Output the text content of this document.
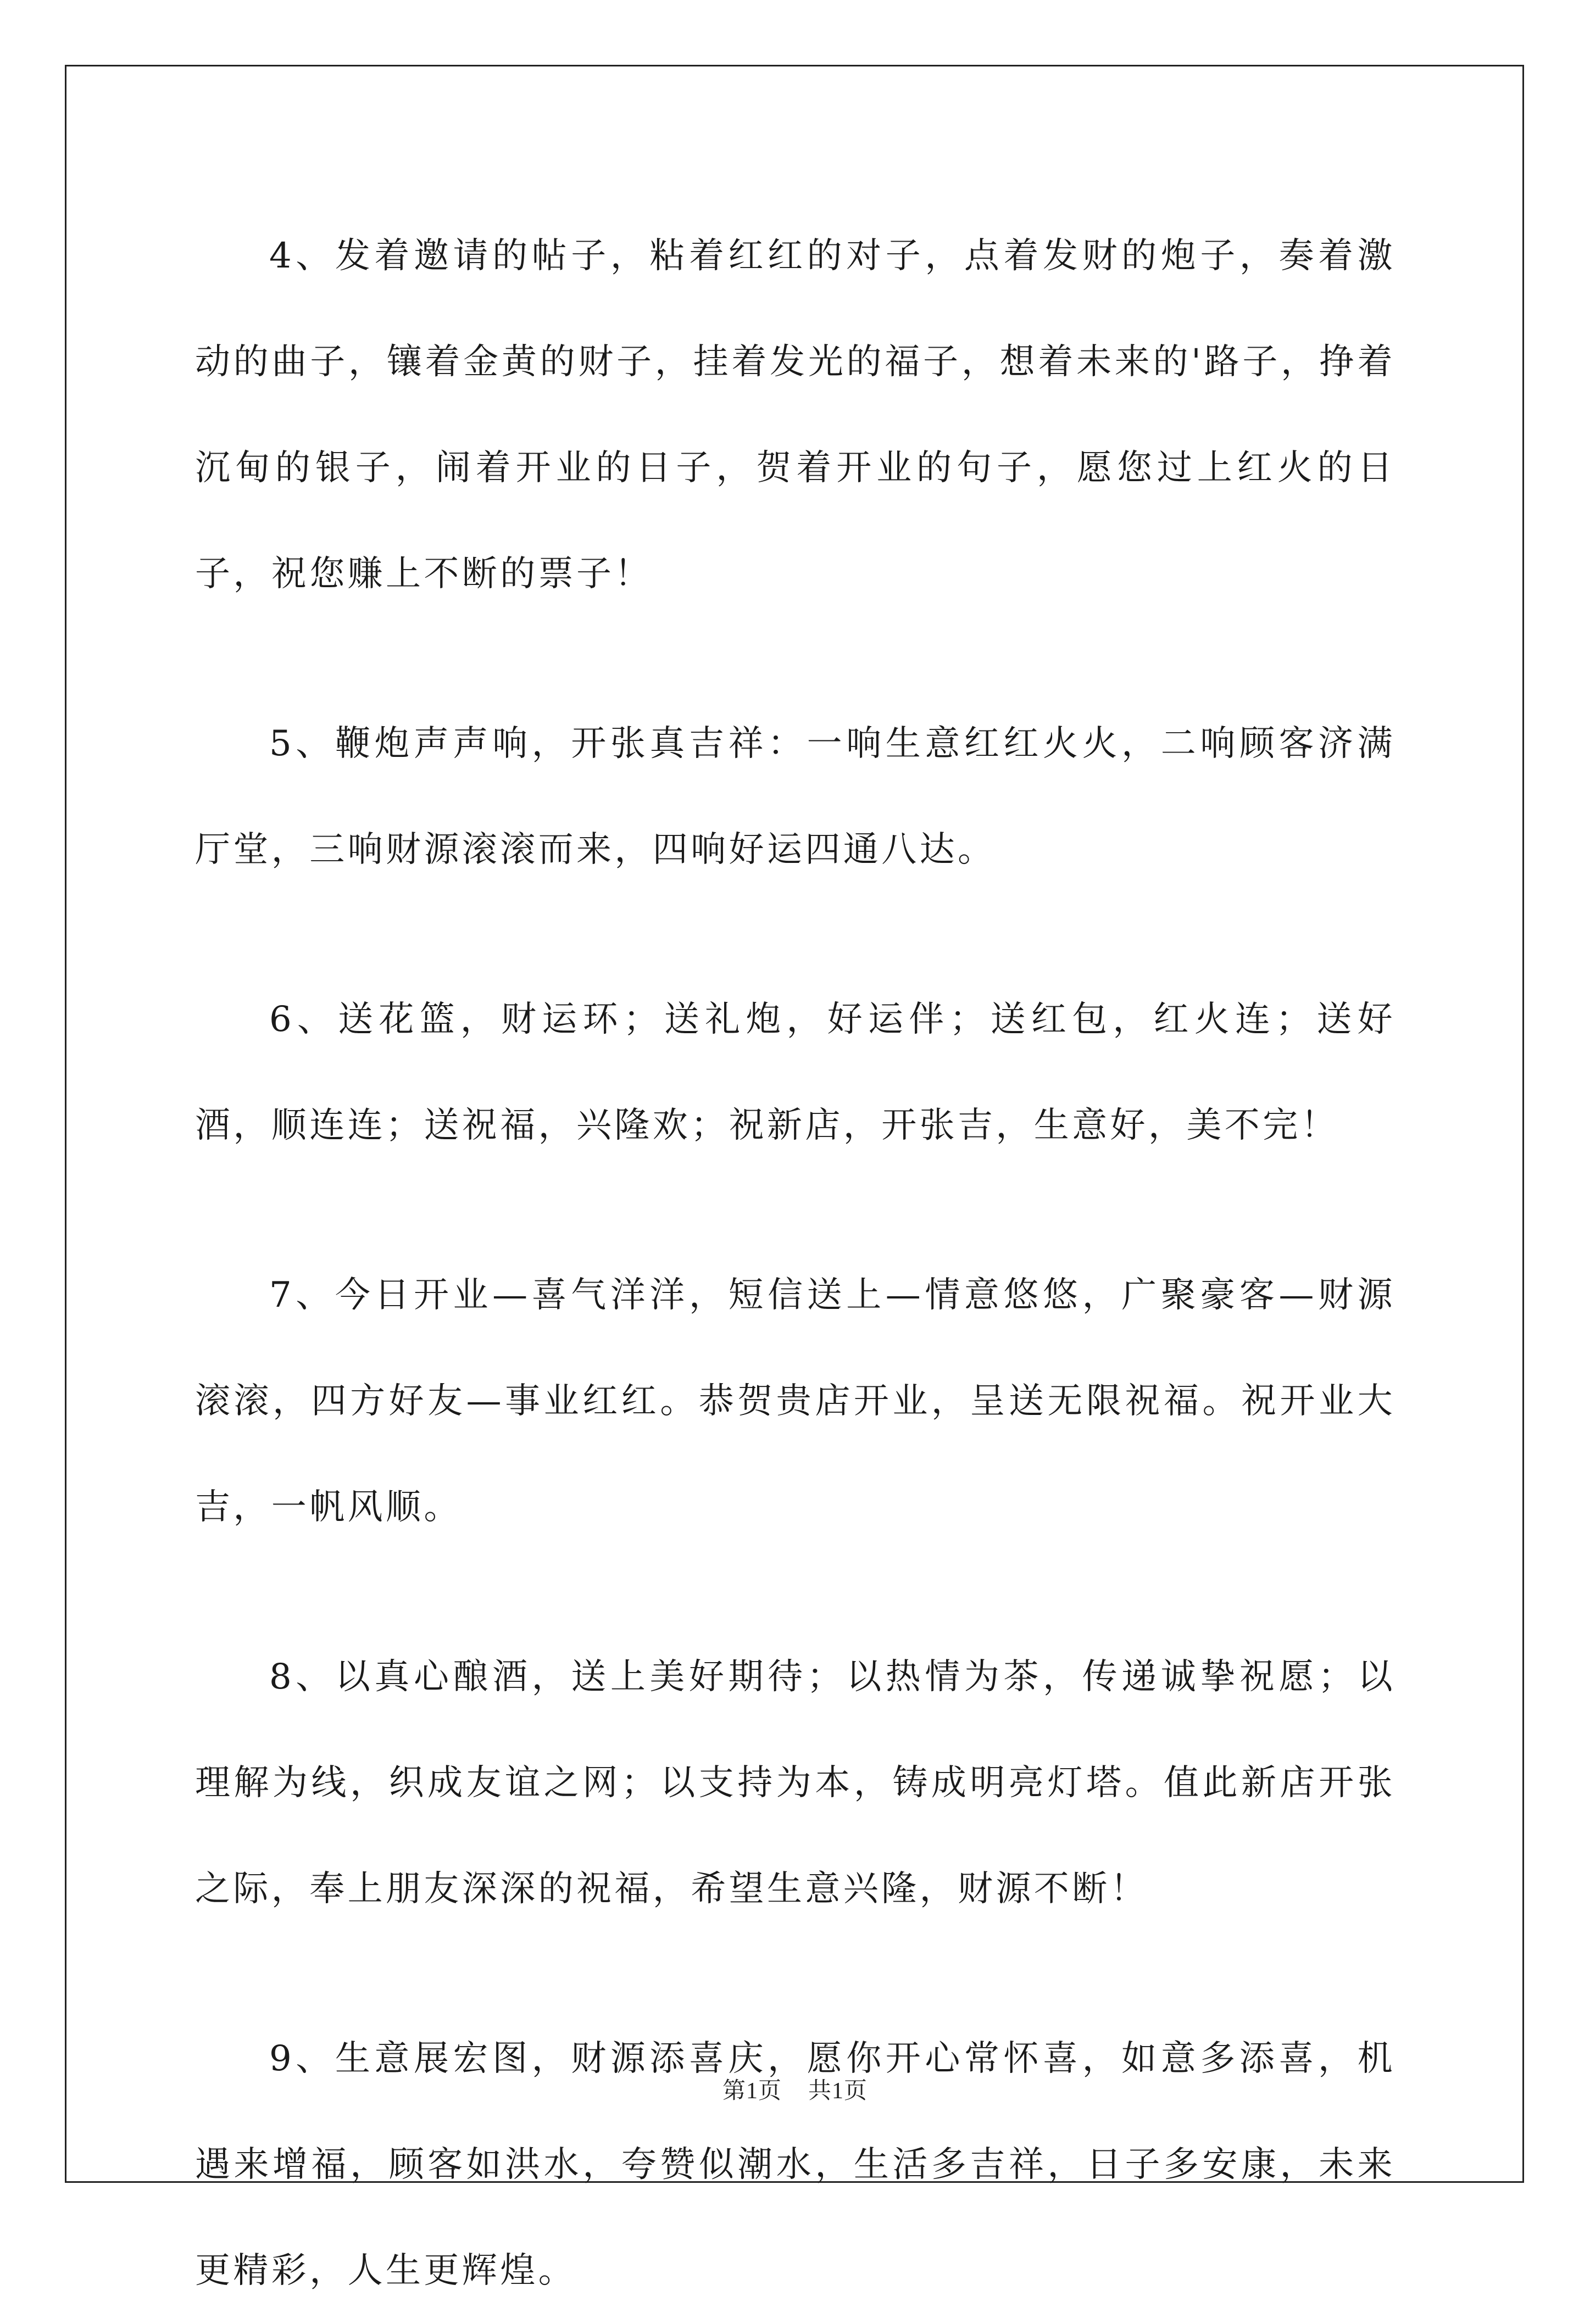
4、发着邀请的帖子，粘着红红的对子，点着发财的炮子，奏着激动的曲子，镶着金黄的财子，挂着发光的福子，想着未来的'路子，挣着沉甸的银子，闹着开业的日子，贺着开业的句子，愿您过上红火的日子，祝您赚上不断的票子！

5、鞭炮声声响，开张真吉祥：一响生意红红火火，二响顾客济满厅堂，三响财源滚滚而来，四响好运四通八达。

6、送花篮，财运环；送礼炮，好运伴；送红包，红火连；送好酒，顺连连；送祝福，兴隆欢；祝新店，开张吉，生意好，美不完！

7、今日开业—喜气洋洋，短信送上—情意悠悠，广聚豪客—财源滚滚，四方好友—事业红红。恭贺贵店开业，呈送无限祝福。祝开业大吉，一帆风顺。

8、以真心酿酒，送上美好期待；以热情为茶，传递诚挚祝愿；以理解为线，织成友谊之网；以支持为本，铸成明亮灯塔。值此新店开张之际，奉上朋友深深的祝福，希望生意兴隆，财源不断！

9、生意展宏图，财源添喜庆，愿你开心常怀喜，如意多添喜，机遇来增福，顾客如洪水，夸赞似潮水，生活多吉祥，日子多安康，未来更精彩，人生更辉煌。

第1页 共1页
